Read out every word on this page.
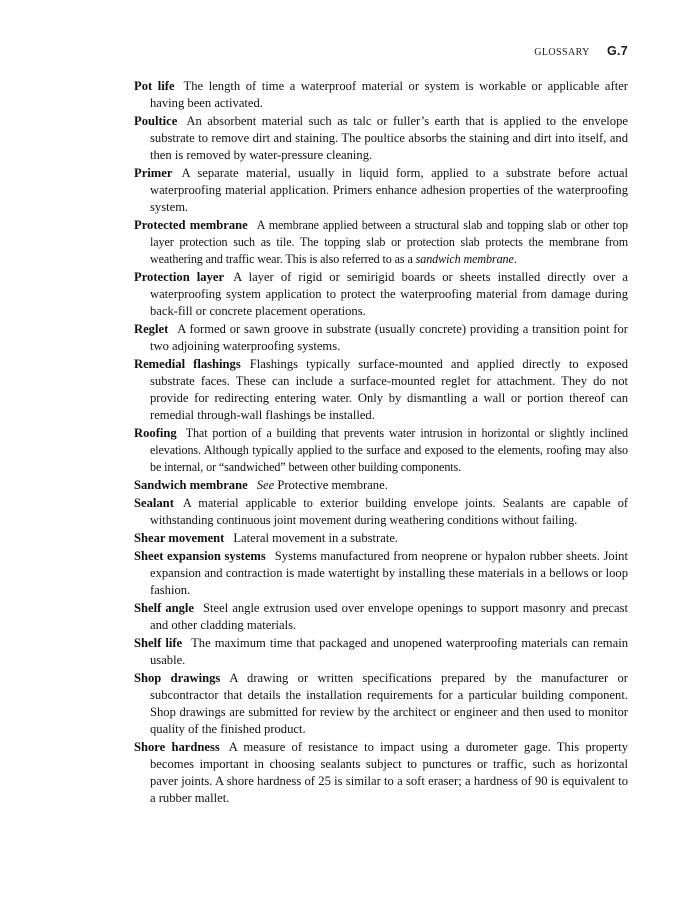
GLOSSARY G.7

Pot life The length of time a waterproof material or system is workable or applicable after having been activated.

Poultice An absorbent material such as talc or fuller’s earth that is applied to the envelope substrate to remove dirt and staining. The poultice absorbs the staining and dirt into itself, and then is removed by water-pressure cleaning.

Primer A separate material, usually in liquid form, applied to a substrate before actual waterproofing material application. Primers enhance adhesion properties of the waterproofing system.

Protected membrane A membrane applied between a structural slab and topping slab or other top layer protection such as tile. The topping slab or protection slab protects the membrane from weathering and traffic wear. This is also referred to as a sandwich membrane.

Protection layer A layer of rigid or semirigid boards or sheets installed directly over a waterproofing system application to protect the waterproofing material from damage during back-fill or concrete placement operations.

Reglet A formed or sawn groove in substrate (usually concrete) providing a transition point for two adjoining waterproofing systems.

Remedial flashings Flashings typically surface-mounted and applied directly to exposed substrate faces. These can include a surface-mounted reglet for attachment. They do not provide for redirecting entering water. Only by dismantling a wall or portion thereof can remedial through-wall flashings be installed.

Roofing That portion of a building that prevents water intrusion in horizontal or slightly inclined elevations. Although typically applied to the surface and exposed to the elements, roofing may also be internal, or “sandwiched” between other building components.

Sandwich membrane See Protective membrane.

Sealant A material applicable to exterior building envelope joints. Sealants are capable of withstanding continuous joint movement during weathering conditions without failing.

Shear movement Lateral movement in a substrate.

Sheet expansion systems Systems manufactured from neoprene or hypalon rubber sheets. Joint expansion and contraction is made watertight by installing these materials in a bellows or loop fashion.

Shelf angle Steel angle extrusion used over envelope openings to support masonry and precast and other cladding materials.

Shelf life The maximum time that packaged and unopened waterproofing materials can remain usable.

Shop drawings A drawing or written specifications prepared by the manufacturer or subcontractor that details the installation requirements for a particular building component. Shop drawings are submitted for review by the architect or engineer and then used to monitor quality of the finished product.

Shore hardness A measure of resistance to impact using a durometer gage. This property becomes important in choosing sealants subject to punctures or traffic, such as horizontal paver joints. A shore hardness of 25 is similar to a soft eraser; a hardness of 90 is equivalent to a rubber mallet.
